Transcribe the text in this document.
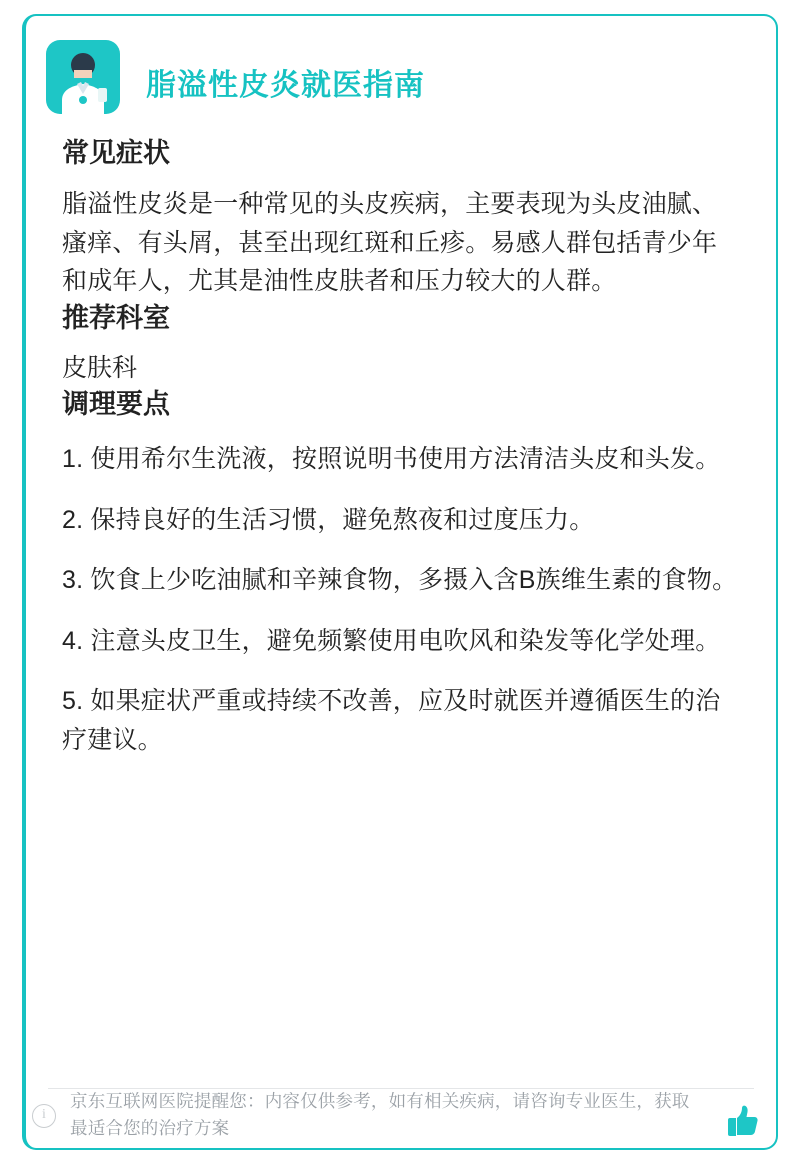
脂溢性皮炎就医指南
常见症状

脂溢性皮炎是一种常见的头皮疾病，主要表现为头皮油腻、瘙痒、有头屑，甚至出现红斑和丘疹。易感人群包括青少年和成年人，尤其是油性皮肤者和压力较大的人群。

推荐科室

皮肤科

调理要点

1. 使用希尔生洗液，按照说明书使用方法清洁头皮和头发。

2. 保持良好的生活习惯，避免熬夜和过度压力。

3. 饮食上少吃油腻和辛辣食物，多摄入含B族维生素的食物。

4. 注意头皮卫生，避免频繁使用电吹风和染发等化学处理。

5. 如果症状严重或持续不改善，应及时就医并遵循医生的治疗建议。

i
京东互联网医院提醒您：内容仅供参考，如有相关疾病，请咨询专业医生，获取最适合您的治疗方案
